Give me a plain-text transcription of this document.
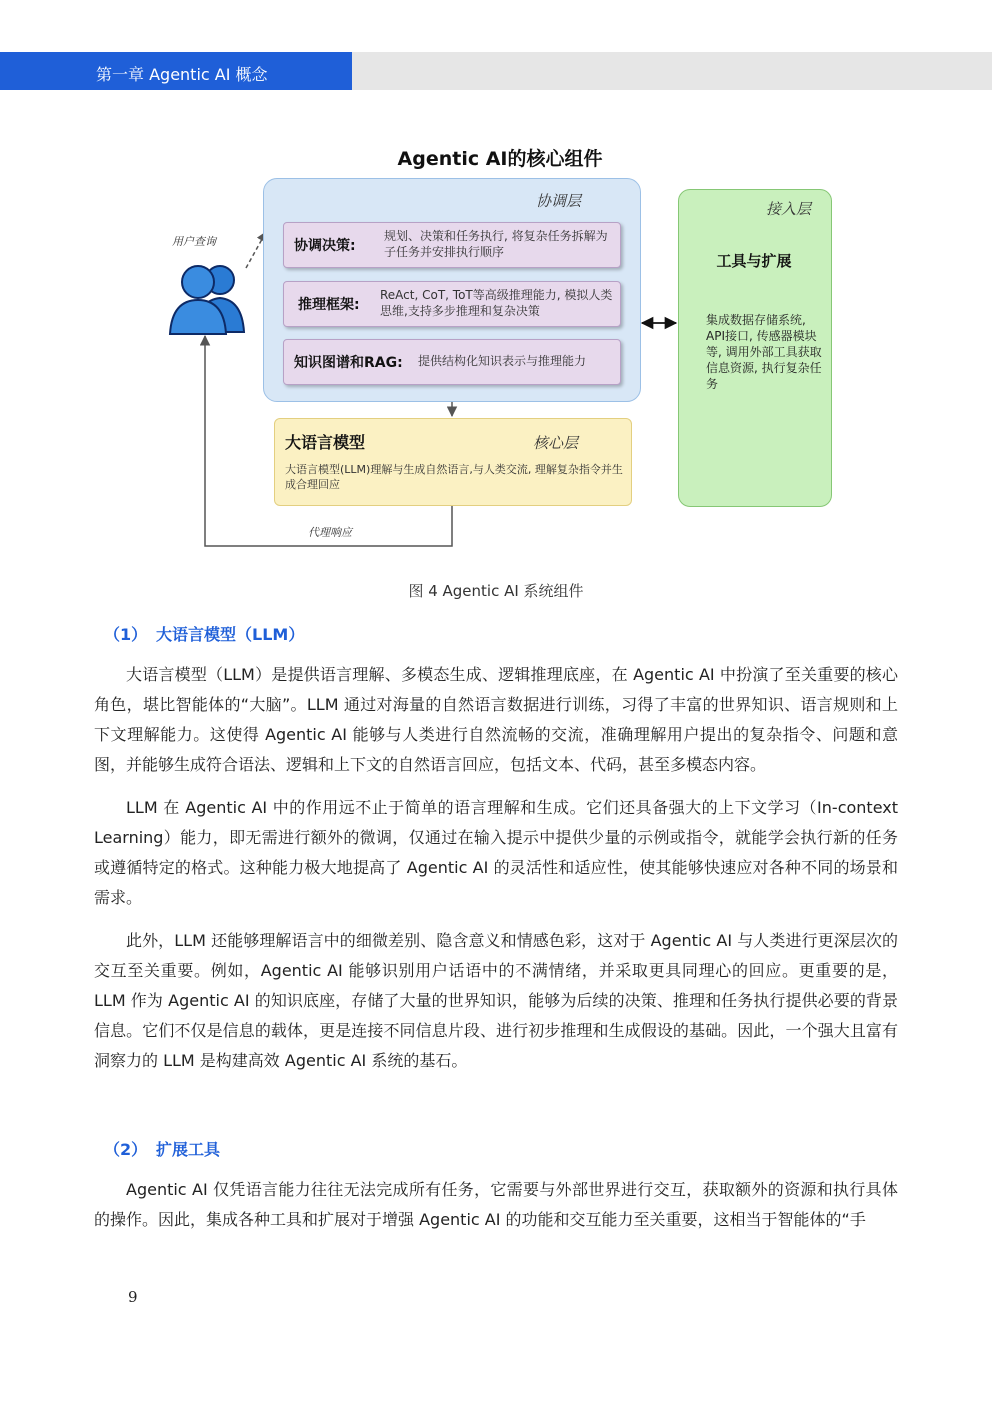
第一章 Agentic AI 概念
Agentic AI的核心组件
用户查询
协调层
协调决策:
规划、决策和任务执行, 将复杂任务拆解为子任务并安排执行顺序
推理框架:
ReAct, CoT, ToT等高级推理能力, 模拟人类思维,支持多步推理和复杂决策
知识图谱和RAG: 提供结构化知识表示与推理能力
接入层
工具与扩展
集成数据存储系统, API接口, 传感器模块等, 调用外部工具获取信息资源, 执行复杂任务
大语言模型	核心层
大语言模型(LLM)理解与生成自然语言,与人类交流, 理解复杂指令并生成合理回应
代理响应
图 4 Agentic AI 系统组件
（1） 大语言模型（LLM）

大语言模型（LLM）是提供语言理解、多模态生成、逻辑推理底座，在 Agentic AI 中扮演了至关重要的核心角色，堪比智能体的“大脑”。LLM 通过对海量的自然语言数据进行训练，习得了丰富的世界知识、语言规则和上下文理解能力。这使得 Agentic AI 能够与人类进行自然流畅的交流，准确理解用户提出的复杂指令、问题和意图，并能够生成符合语法、逻辑和上下文的自然语言回应，包括文本、代码，甚至多模态内容。

LLM 在 Agentic AI 中的作用远不止于简单的语言理解和生成。它们还具备强大的上下文学习（In-context Learning）能力，即无需进行额外的微调，仅通过在输入提示中提供少量的示例或指令，就能学会执行新的任务或遵循特定的格式。这种能力极大地提高了 Agentic AI 的灵活性和适应性，使其能够快速应对各种不同的场景和需求。

此外，LLM 还能够理解语言中的细微差别、隐含意义和情感色彩，这对于 Agentic AI 与人类进行更深层次的交互至关重要。例如，Agentic AI 能够识别用户话语中的不满情绪，并采取更具同理心的回应。更重要的是，LLM 作为 Agentic AI 的知识底座，存储了大量的世界知识，能够为后续的决策、推理和任务执行提供必要的背景信息。它们不仅是信息的载体，更是连接不同信息片段、进行初步推理和生成假设的基础。因此，一个强大且富有洞察力的 LLM 是构建高效 Agentic AI 系统的基石。

（2） 扩展工具

Agentic AI 仅凭语言能力往往无法完成所有任务，它需要与外部世界进行交互，获取额外的资源和执行具体的操作。因此，集成各种工具和扩展对于增强 Agentic AI 的功能和交互能力至关重要，这相当于智能体的“手

9
